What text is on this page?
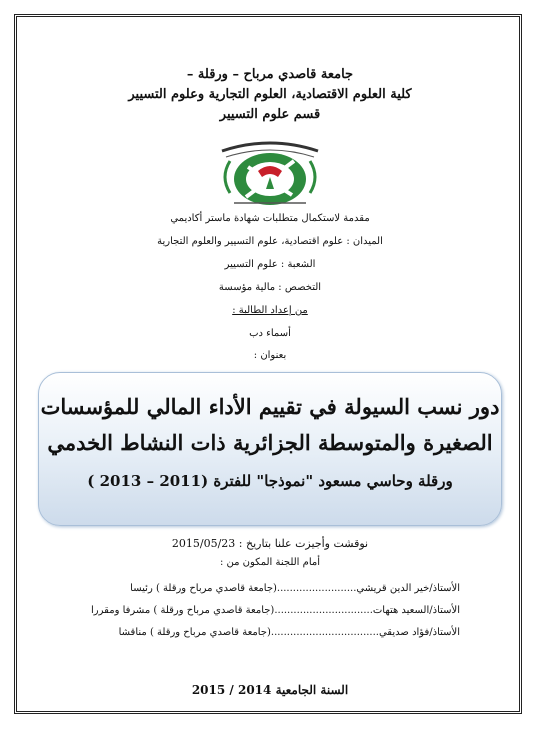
جامعة قاصدي مرباح – ورقلة –
كلية العلوم الاقتصادية، العلوم التجارية وعلوم التسيير
قسم علوم التسيير
مقدمة لاستكمال متطلبات شهادة ماستر أكاديمي
الميدان : علوم اقتصادية، علوم التسيير والعلوم التجارية
الشعبة : علوم التسيير
التخصص : مالية مؤسسة
من إعداد الطالبة :
أسماء دب
بعنوان :
دور نسب السيولة في تقييم الأداء المالي للمؤسسات
الصغيرة والمتوسطة الجزائرية ذات النشاط الخدمي
ورقلة وحاسي مسعود "نموذجا" للفترة (2011 – 2013 )
نوقشت وأجيزت علنا بتاريخ : 2015/05/23
أمام اللجنة المكون من :
الأستاذ/خير الدين قريشي.........................(جامعة قاصدي مرباح ورقلة ) رئيسا
الأستاذ/السعيد هتهات...............................(جامعة قاصدي مرباح ورقلة ) مشرفا ومقررا
الأستاذ/فؤاد صديقي..................................(جامعة قاصدي مرباح ورقلة ) مناقشا
السنة الجامعية 2014 / 2015
